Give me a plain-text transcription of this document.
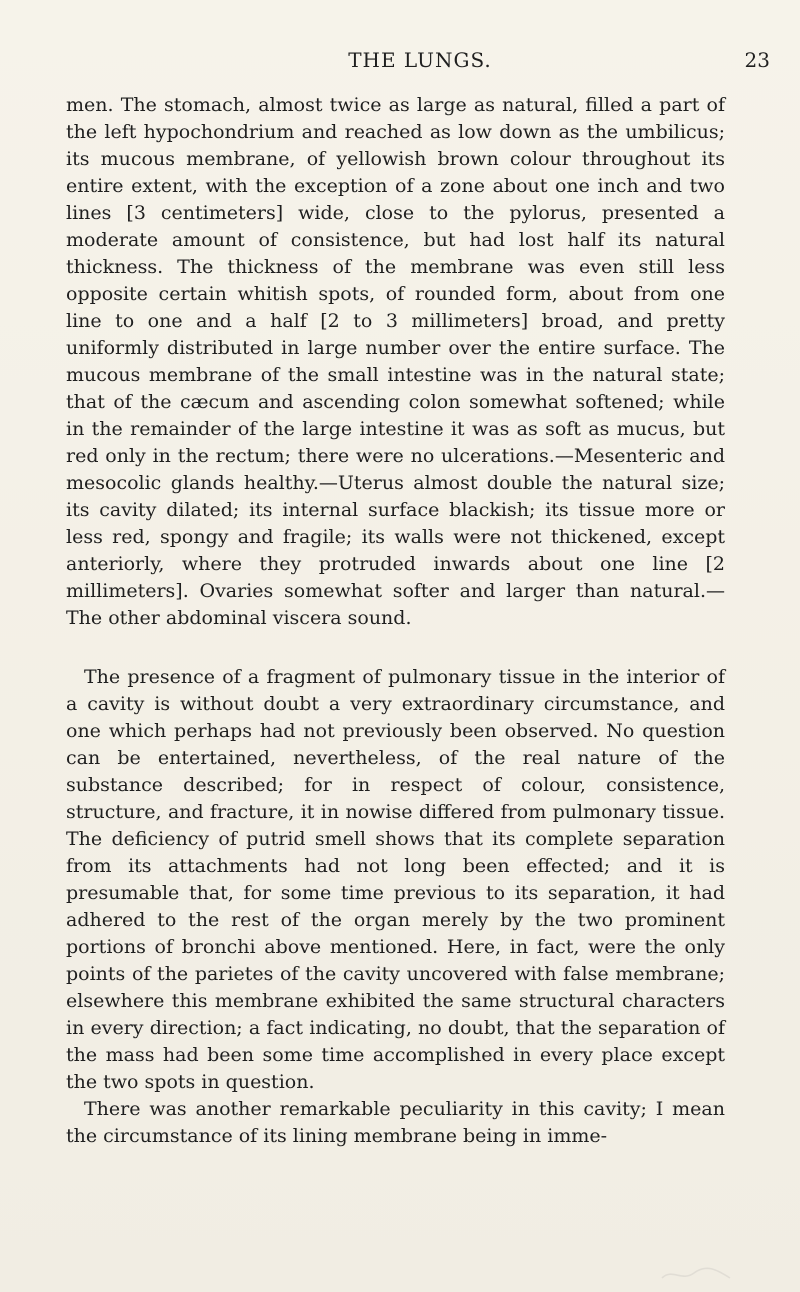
THE LUNGS.	23

men. The stomach, almost twice as large as natural, filled a part of the left hypochondrium and reached as low down as the umbilicus; its mucous membrane, of yellowish brown colour throughout its entire extent, with the exception of a zone about one inch and two lines [3 centimeters] wide, close to the pylorus, presented a moderate amount of consistence, but had lost half its natural thickness. The thickness of the membrane was even still less opposite certain whitish spots, of rounded form, about from one line to one and a half [2 to 3 millimeters] broad, and pretty uniformly distributed in large number over the entire surface. The mucous membrane of the small intestine was in the natural state; that of the cæcum and ascending colon somewhat softened; while in the remainder of the large intestine it was as soft as mucus, but red only in the rectum; there were no ulcerations.—Mesenteric and mesocolic glands healthy.—Uterus almost double the natural size; its cavity dilated; its internal surface blackish; its tissue more or less red, spongy and fragile; its walls were not thickened, except anteriorly, where they protruded inwards about one line [2 millimeters]. Ovaries somewhat softer and larger than natural.—The other abdominal viscera sound.

The presence of a fragment of pulmonary tissue in the interior of a cavity is without doubt a very extraordinary circumstance, and one which perhaps had not previously been observed. No question can be entertained, nevertheless, of the real nature of the substance described; for in respect of colour, consistence, structure, and fracture, it in nowise differed from pulmonary tissue. The deficiency of putrid smell shows that its complete separation from its attachments had not long been effected; and it is presumable that, for some time previous to its separation, it had adhered to the rest of the organ merely by the two prominent portions of bronchi above mentioned. Here, in fact, were the only points of the parietes of the cavity uncovered with false membrane; elsewhere this membrane exhibited the same structural characters in every direction; a fact indicating, no doubt, that the separation of the mass had been some time accomplished in every place except the two spots in question.

There was another remarkable peculiarity in this cavity; I mean the circumstance of its lining membrane being in imme-
